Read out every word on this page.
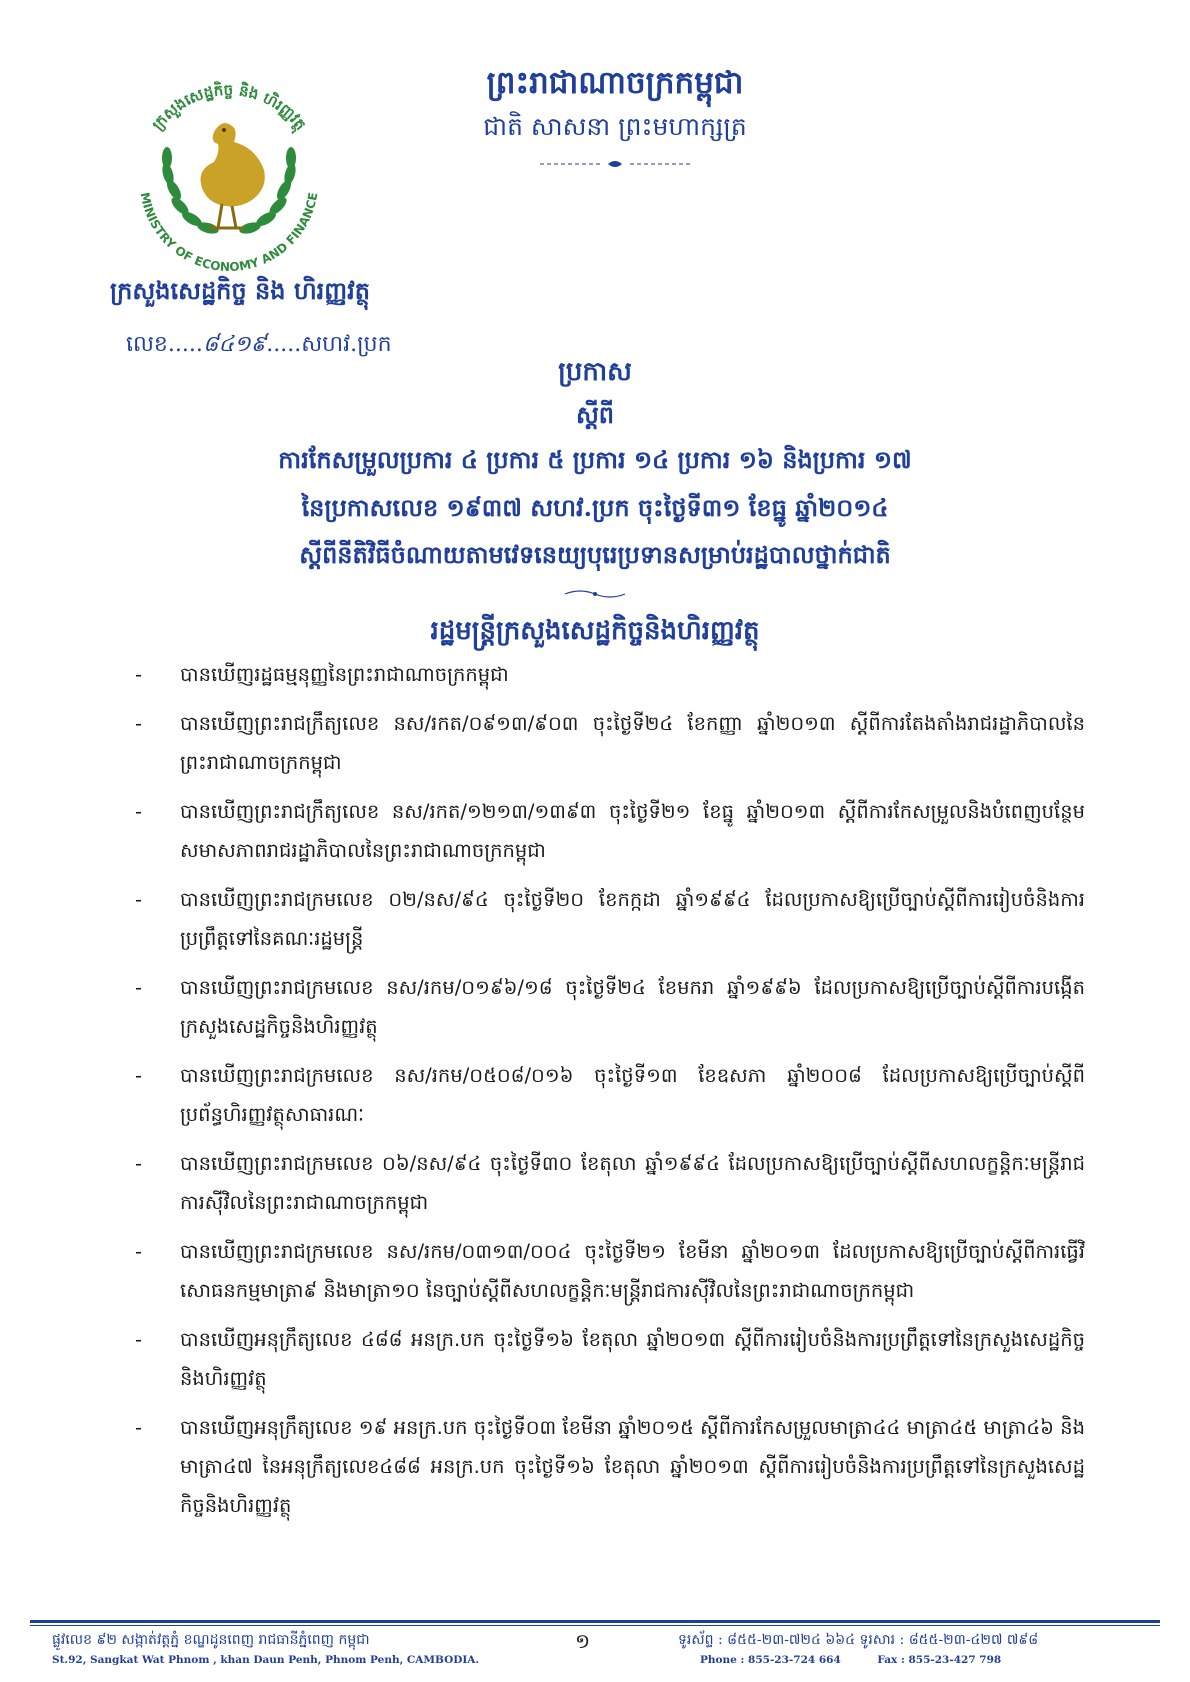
ក្រសួងសេដ្ឋកិច្ច និង ហិរញ្ញវត្ថុ
MINISTRY OF ECONOMY AND FINANCE
ក្រសួងសេដ្ឋកិច្ច និង ហិរញ្ញវត្ថុ
លេខ.....៨៤១៩.....សហវ.ប្រក
ព្រះរាជាណាចក្រកម្ពុជា
ជាតិ សាសនា ព្រះមហាក្សត្រ
ប្រកាស
ស្ដីពី
ការកែសម្រួលប្រការ ៤ ប្រការ ៥ ប្រការ ១៤ ប្រការ ១៦ និងប្រការ ១៧
នៃប្រកាសលេខ ១៩៣៧ សហវ.ប្រក ចុះថ្ងៃទី៣១ ខែធ្នូ ឆ្នាំ២០១៤
ស្ដីពីនីតិវិធីចំណាយតាមវេទនេយ្យបុរេប្រទានសម្រាប់រដ្ឋបាលថ្នាក់ជាតិ
រដ្ឋមន្ត្រីក្រសួងសេដ្ឋកិច្ចនិងហិរញ្ញវត្ថុ
- បានឃើញរដ្ឋធម្មនុញ្ញនៃព្រះរាជាណាចក្រកម្ពុជា
- បានឃើញព្រះរាជក្រឹត្យលេខ នស/រកត/០៩១៣/៩០៣ ចុះថ្ងៃទី២៤ ខែកញ្ញា ឆ្នាំ២០១៣ ស្ដីពីការតែងតាំងរាជរដ្ឋាភិបាលនៃព្រះរាជាណាចក្រកម្ពុជា
- បានឃើញព្រះរាជក្រឹត្យលេខ នស/រកត/១២១៣/១៣៩៣ ចុះថ្ងៃទី២១ ខែធ្នូ ឆ្នាំ២០១៣ ស្ដីពីការកែសម្រួលនិងបំពេញបន្ថែមសមាសភាពរាជរដ្ឋាភិបាលនៃព្រះរាជាណាចក្រកម្ពុជា
- បានឃើញព្រះរាជក្រមលេខ ០២/នស/៩៤ ចុះថ្ងៃទី២០ ខែកក្កដា ឆ្នាំ១៩៩៤ ដែលប្រកាសឱ្យប្រើច្បាប់ស្ដីពីការរៀបចំនិងការប្រព្រឹត្តទៅនៃគណៈរដ្ឋមន្ត្រី
- បានឃើញព្រះរាជក្រមលេខ នស/រកម/០១៩៦/១៨ ចុះថ្ងៃទី២៤ ខែមករា ឆ្នាំ១៩៩៦ ដែលប្រកាសឱ្យប្រើច្បាប់ស្ដីពីការបង្កើតក្រសួងសេដ្ឋកិច្ចនិងហិរញ្ញវត្ថុ
- បានឃើញព្រះរាជក្រមលេខ នស/រកម/០៥០៨/០១៦ ចុះថ្ងៃទី១៣ ខែឧសភា ឆ្នាំ២០០៨ ដែលប្រកាសឱ្យប្រើច្បាប់ស្ដីពីប្រព័ន្ធហិរញ្ញវត្ថុសាធារណៈ
- បានឃើញព្រះរាជក្រមលេខ ០៦/នស/៩៤ ចុះថ្ងៃទី៣០ ខែតុលា ឆ្នាំ១៩៩៤ ដែលប្រកាសឱ្យប្រើច្បាប់ស្ដីពីសហលក្ខន្តិកៈមន្ត្រីរាជការស៊ីវិលនៃព្រះរាជាណាចក្រកម្ពុជា
- បានឃើញព្រះរាជក្រមលេខ នស/រកម/០៣១៣/០០៤ ចុះថ្ងៃទី២១ ខែមីនា ឆ្នាំ២០១៣ ដែលប្រកាសឱ្យប្រើច្បាប់ស្ដីពីការធ្វើវិសោធនកម្មមាត្រា៩ និងមាត្រា១០ នៃច្បាប់ស្ដីពីសហលក្ខន្តិកៈមន្ត្រីរាជការស៊ីវិលនៃព្រះរាជាណាចក្រកម្ពុជា
- បានឃើញអនុក្រឹត្យលេខ ៤៨៨ អនក្រ.បក ចុះថ្ងៃទី១៦ ខែតុលា ឆ្នាំ២០១៣ ស្ដីពីការរៀបចំនិងការប្រព្រឹត្តទៅនៃក្រសួងសេដ្ឋកិច្ចនិងហិរញ្ញវត្ថុ
- បានឃើញអនុក្រឹត្យលេខ ១៩ អនក្រ.បក ចុះថ្ងៃទី០៣ ខែមីនា ឆ្នាំ២០១៥ ស្ដីពីការកែសម្រួលមាត្រា៤៤ មាត្រា៤៥ មាត្រា៤៦ និងមាត្រា៤៧ នៃអនុក្រឹត្យលេខ៤៨៨ អនក្រ.បក ចុះថ្ងៃទី១៦ ខែតុលា ឆ្នាំ២០១៣ ស្ដីពីការរៀបចំនិងការប្រព្រឹត្តទៅនៃក្រសួងសេដ្ឋកិច្ចនិងហិរញ្ញវត្ថុ
ផ្លូវលេខ ៩២ សង្កាត់វត្តភ្នំ ខណ្ឌដូនពេញ រាជធានីភ្នំពេញ កម្ពុជា
St.92, Sangkat Wat Phnom , khan Daun Penh, Phnom Penh, CAMBODIA.
១	ទូរស័ព្ទ : ៨៥៥-២៣-៧២៤ ៦៦៤ ទូរសារ : ៨៥៥-២៣-៤២៧ ៧៩៨
Phone : 855-23-724 664	Fax : 855-23-427 798
